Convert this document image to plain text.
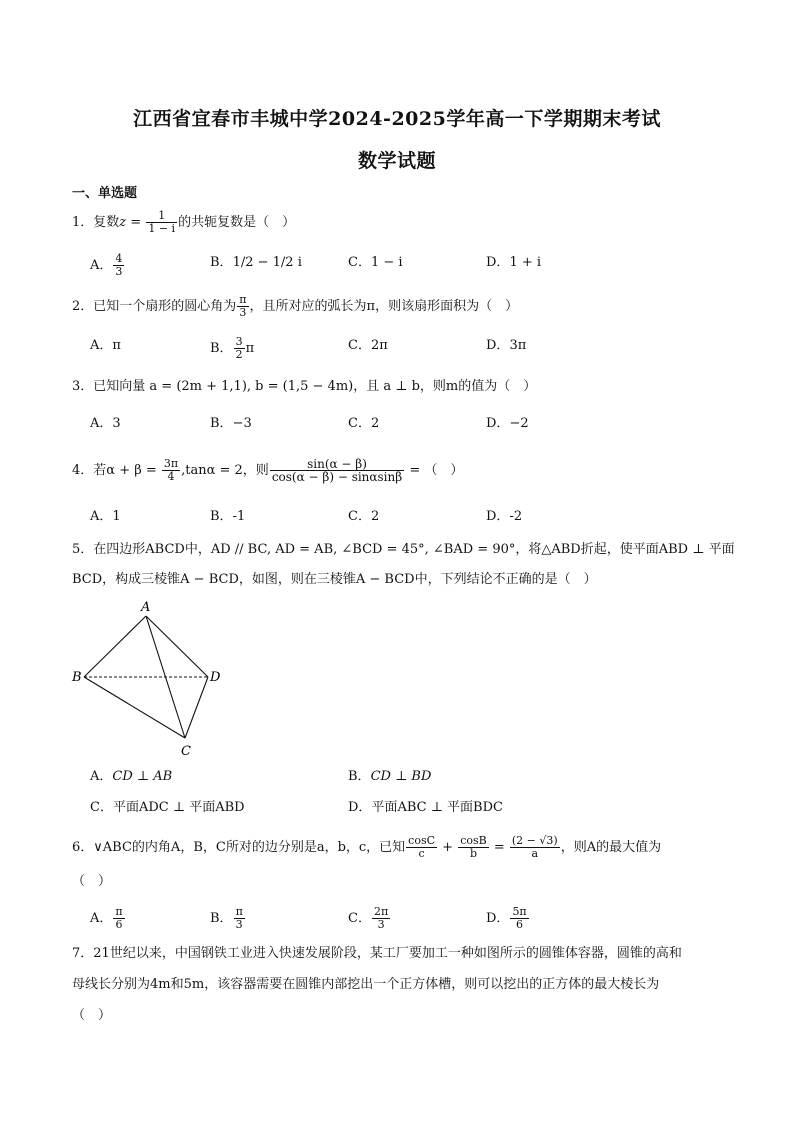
江西省宜春市丰城中学2024-2025学年高一下学期期末考试
数学试题
一、单选题
1．复数$z = \frac{1}{1 - i}$ 的共轭复数是（　）
A． $\frac{4}{3}$	B．1/2 − 1/2 i	C．1 − i	D．1 + i
2．已知一个扇形的圆心角为 $\frac{\pi}{3}$ ，且所对应的弧长为π，则该扇形面积为（　）
A．π	B． $\frac{3}{2}$ π	C．2π	D．3π
3．已知向量 a = (2m + 1,1), b = (1,5 − 4m)，且 a ⊥ b，则m的值为（　）
A．3	B．−3	C．2	D．−2
4．若$\alpha + \beta = \frac{3\pi}{4} ,\tan\alpha = 2$，则 $\frac{\sin(\alpha - \beta)}{\cos(\alpha - \beta) - \sin\alpha\sin\beta}$ = （　）
A．1	B．-1	C．2	D．-2
5．在四边形ABCD中，AD // BC, AD = AB, ∠BCD = 45°, ∠BAD = 90°，将△ABD折起，使平面ABD ⊥ 平面
BCD，构成三棱锥A − BCD，如图，则在三棱锥A − BCD中，下列结论不正确的是（　）
A
B
C
D
A．CD ⊥ AB	B．CD ⊥ BD
C．平面ADC ⊥ 平面ABD	D．平面ABC ⊥ 平面BDC
6．∨ABC的内角A，B，C所对的边分别是a，b，c，已知 $\frac{\cos C}{c} + \frac{\cos B}{b} = \frac{(2 - √3)}{a}$ ，则A的最大值为
（　）
A． $\frac{\pi}{6}$	B． $\frac{\pi}{3}$	C． $\frac{2\pi}{3}$	D． $\frac{5\pi}{6}$
7．21世纪以来，中国钢铁工业进入快速发展阶段，某工厂要加工一种如图所示的圆锥体容器，圆锥的高和
母线长分别为4m和5m，该容器需要在圆锥内部挖出一个正方体槽，则可以挖出的正方体的最大棱长为
（　）
